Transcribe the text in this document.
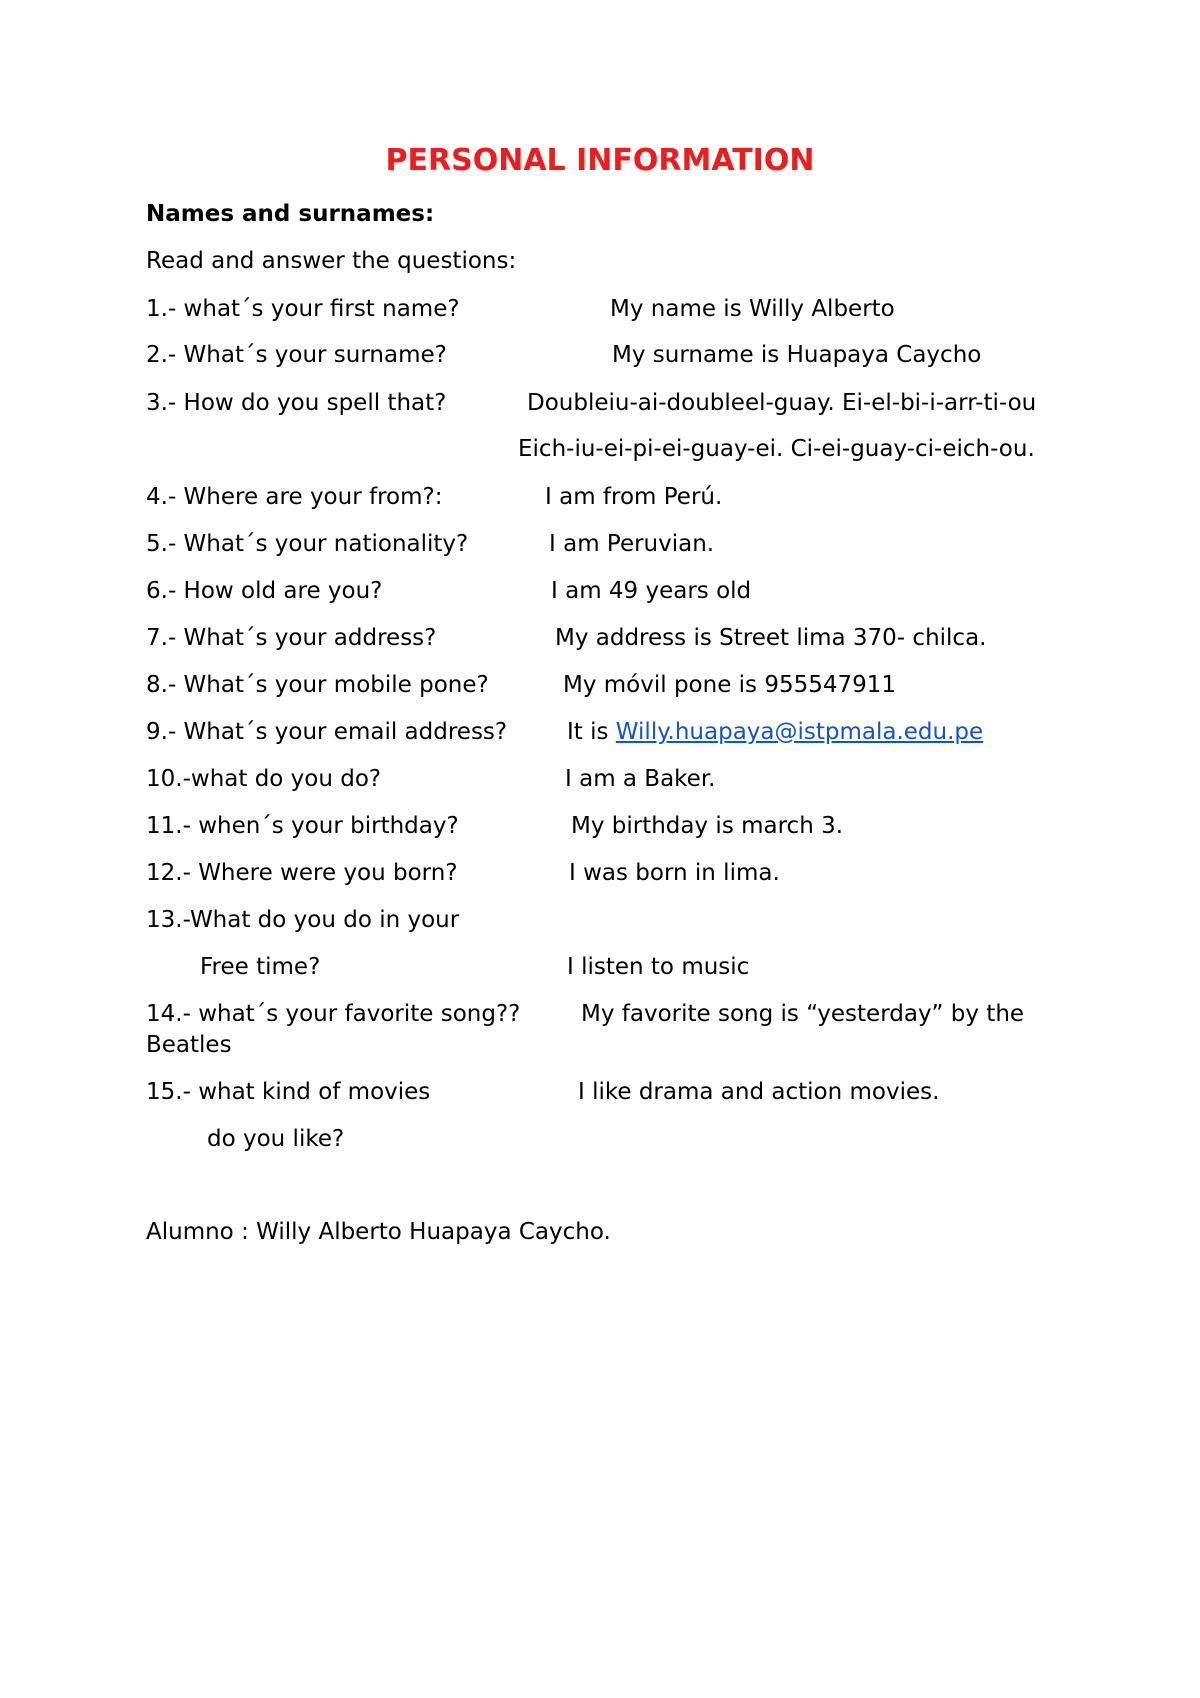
PERSONAL INFORMATION
Names and surnames:
Read and answer the questions:
1.- what´s your first name?	My name is Willy Alberto
2.- What´s your surname?	My surname is Huapaya Caycho
3.- How do you spell that?	Doubleiu-ai-doubleel-guay. Ei-el-bi-i-arr-ti-ou
Eich-iu-ei-pi-ei-guay-ei. Ci-ei-guay-ci-eich-ou.
4.- Where are your from?:	I am from Perú.
5.- What´s your nationality?	I am Peruvian.
6.- How old are you?	I am 49 years old
7.- What´s your address?	My address is Street lima 370- chilca.
8.- What´s your mobile pone?	My móvil pone is 955547911
9.- What´s your email address?	It is Willy.huapaya@istpmala.edu.pe
10.-what do you do?	I am a Baker.
11.- when´s your birthday?	My birthday is march 3.
12.- Where were you born?	I was born in lima.
13.-What do you do in your
Free time?	I listen to music
14.- what´s your favorite song??	My favorite song is “yesterday” by the
Beatles
15.- what kind of movies	I like drama and action movies.
do you like?
Alumno : Willy Alberto Huapaya Caycho.
